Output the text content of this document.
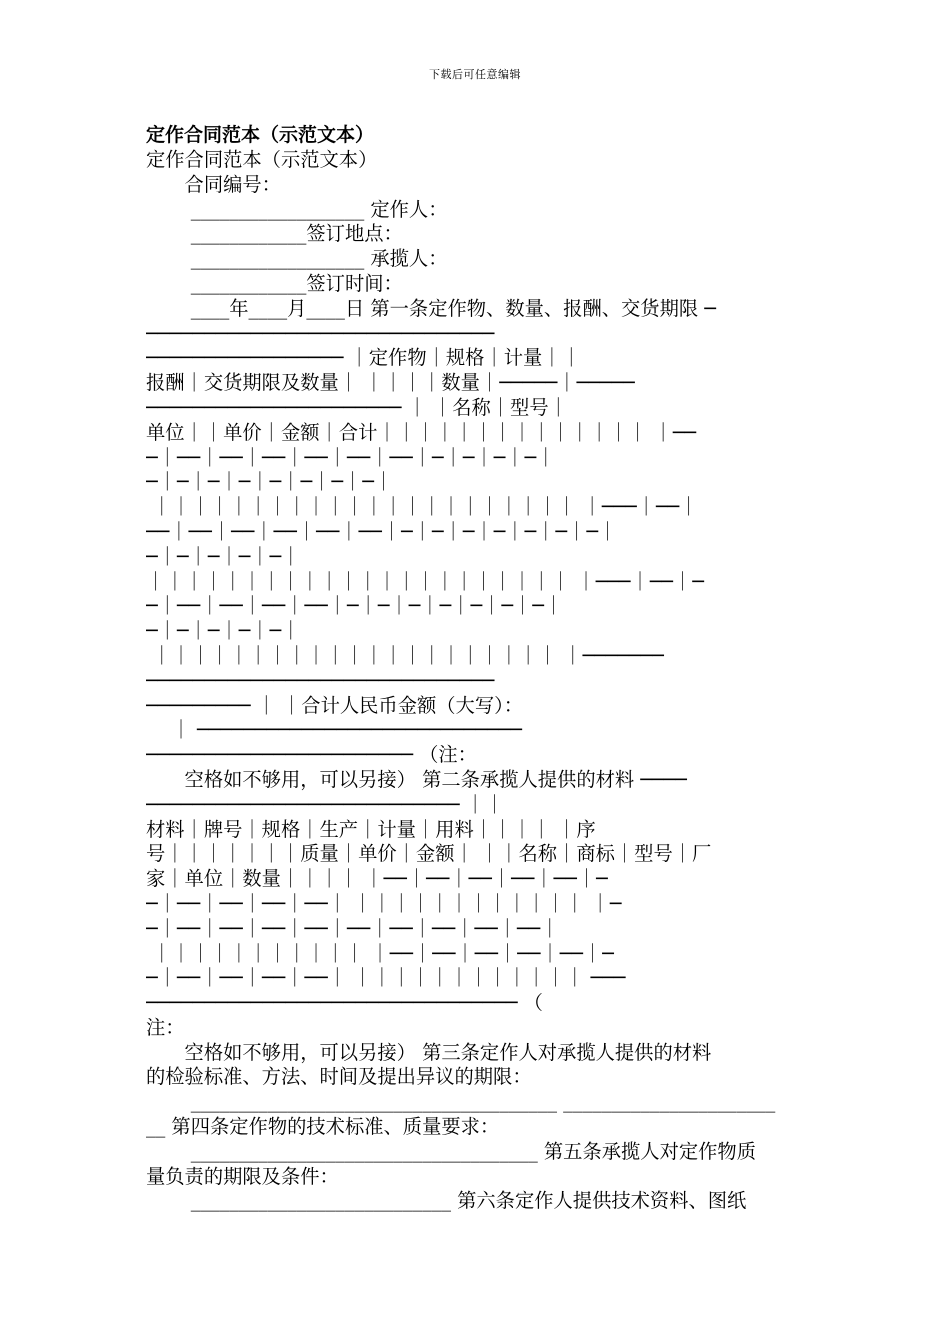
下载后可任意编辑
定作合同范本（示范文本）
定作合同范本（示范文本）
　　合同编号：
　　 __________________ 定作人：
　　 ____________签订地点：
　　 __________________ 承揽人：
　　 ____________签订时间：
　　 ____年____月____日 第一条定作物、数量、报酬、交货期限 ─
──────────────────────────────
───────────────── ｜定作物｜规格｜计量｜｜
报酬｜交货期限及数量｜ ｜｜｜｜数量｜─────｜─────
────────────────────── ｜ ｜名称｜型号｜
单位｜｜单价｜金额｜合计｜｜｜｜｜｜｜｜｜｜｜｜｜｜ ｜──
─｜──｜──｜──｜──｜──｜──｜─｜─｜─｜─｜
─｜─｜─｜─｜─｜─｜─｜─｜
｜｜｜｜｜｜｜｜｜｜｜｜｜｜｜｜｜｜｜｜｜｜ ｜───｜──｜
──｜──｜──｜──｜──｜──｜─｜─｜─｜─｜─｜─｜─｜
─｜─｜─｜─｜─｜
｜｜｜｜｜｜｜｜｜｜｜｜｜｜｜｜｜｜｜｜｜｜ ｜───｜──｜─
─｜──｜──｜──｜──｜─｜─｜─｜─｜─｜─｜─｜
─｜─｜─｜─｜─｜
｜｜｜｜｜｜｜｜｜｜｜｜｜｜｜｜｜｜｜｜｜ ｜───────
──────────────────────────────
───────── ｜ ｜合计人民币金额（大写）：
　 ｜ ────────────────────────────
─────────────────────── （注：
　　空格如不够用，可以另接） 第二条承揽人提供的材料 ────
─────────────────────────── ｜｜
材料｜牌号｜规格｜生产｜计量｜用料｜｜｜｜ ｜序
号｜｜｜｜｜｜｜质量｜单价｜金额｜ ｜｜名称｜商标｜型号｜厂
家｜单位｜数量｜｜｜｜ ｜──｜──｜──｜──｜──｜─
─｜──｜──｜──｜──｜ ｜｜｜｜｜｜｜｜｜｜｜｜ ｜─
─｜──｜──｜──｜──｜──｜──｜──｜──｜──｜
｜｜｜｜｜｜｜｜｜｜｜ ｜──｜──｜──｜──｜──｜─
─｜──｜──｜──｜──｜ ｜｜｜｜｜｜｜｜｜｜｜｜ ───
──────────────────────────────── （
注：
　　空格如不够用，可以另接） 第三条定作人对承揽人提供的材料
的检验标准、方法、时间及提出异议的期限：
　　 ______________________________________ ______________________
__ 第四条定作物的技术标准、质量要求：
　　 ____________________________________ 第五条承揽人对定作物质
量负责的期限及条件：
　　 ___________________________ 第六条定作人提供技术资料、图纸
